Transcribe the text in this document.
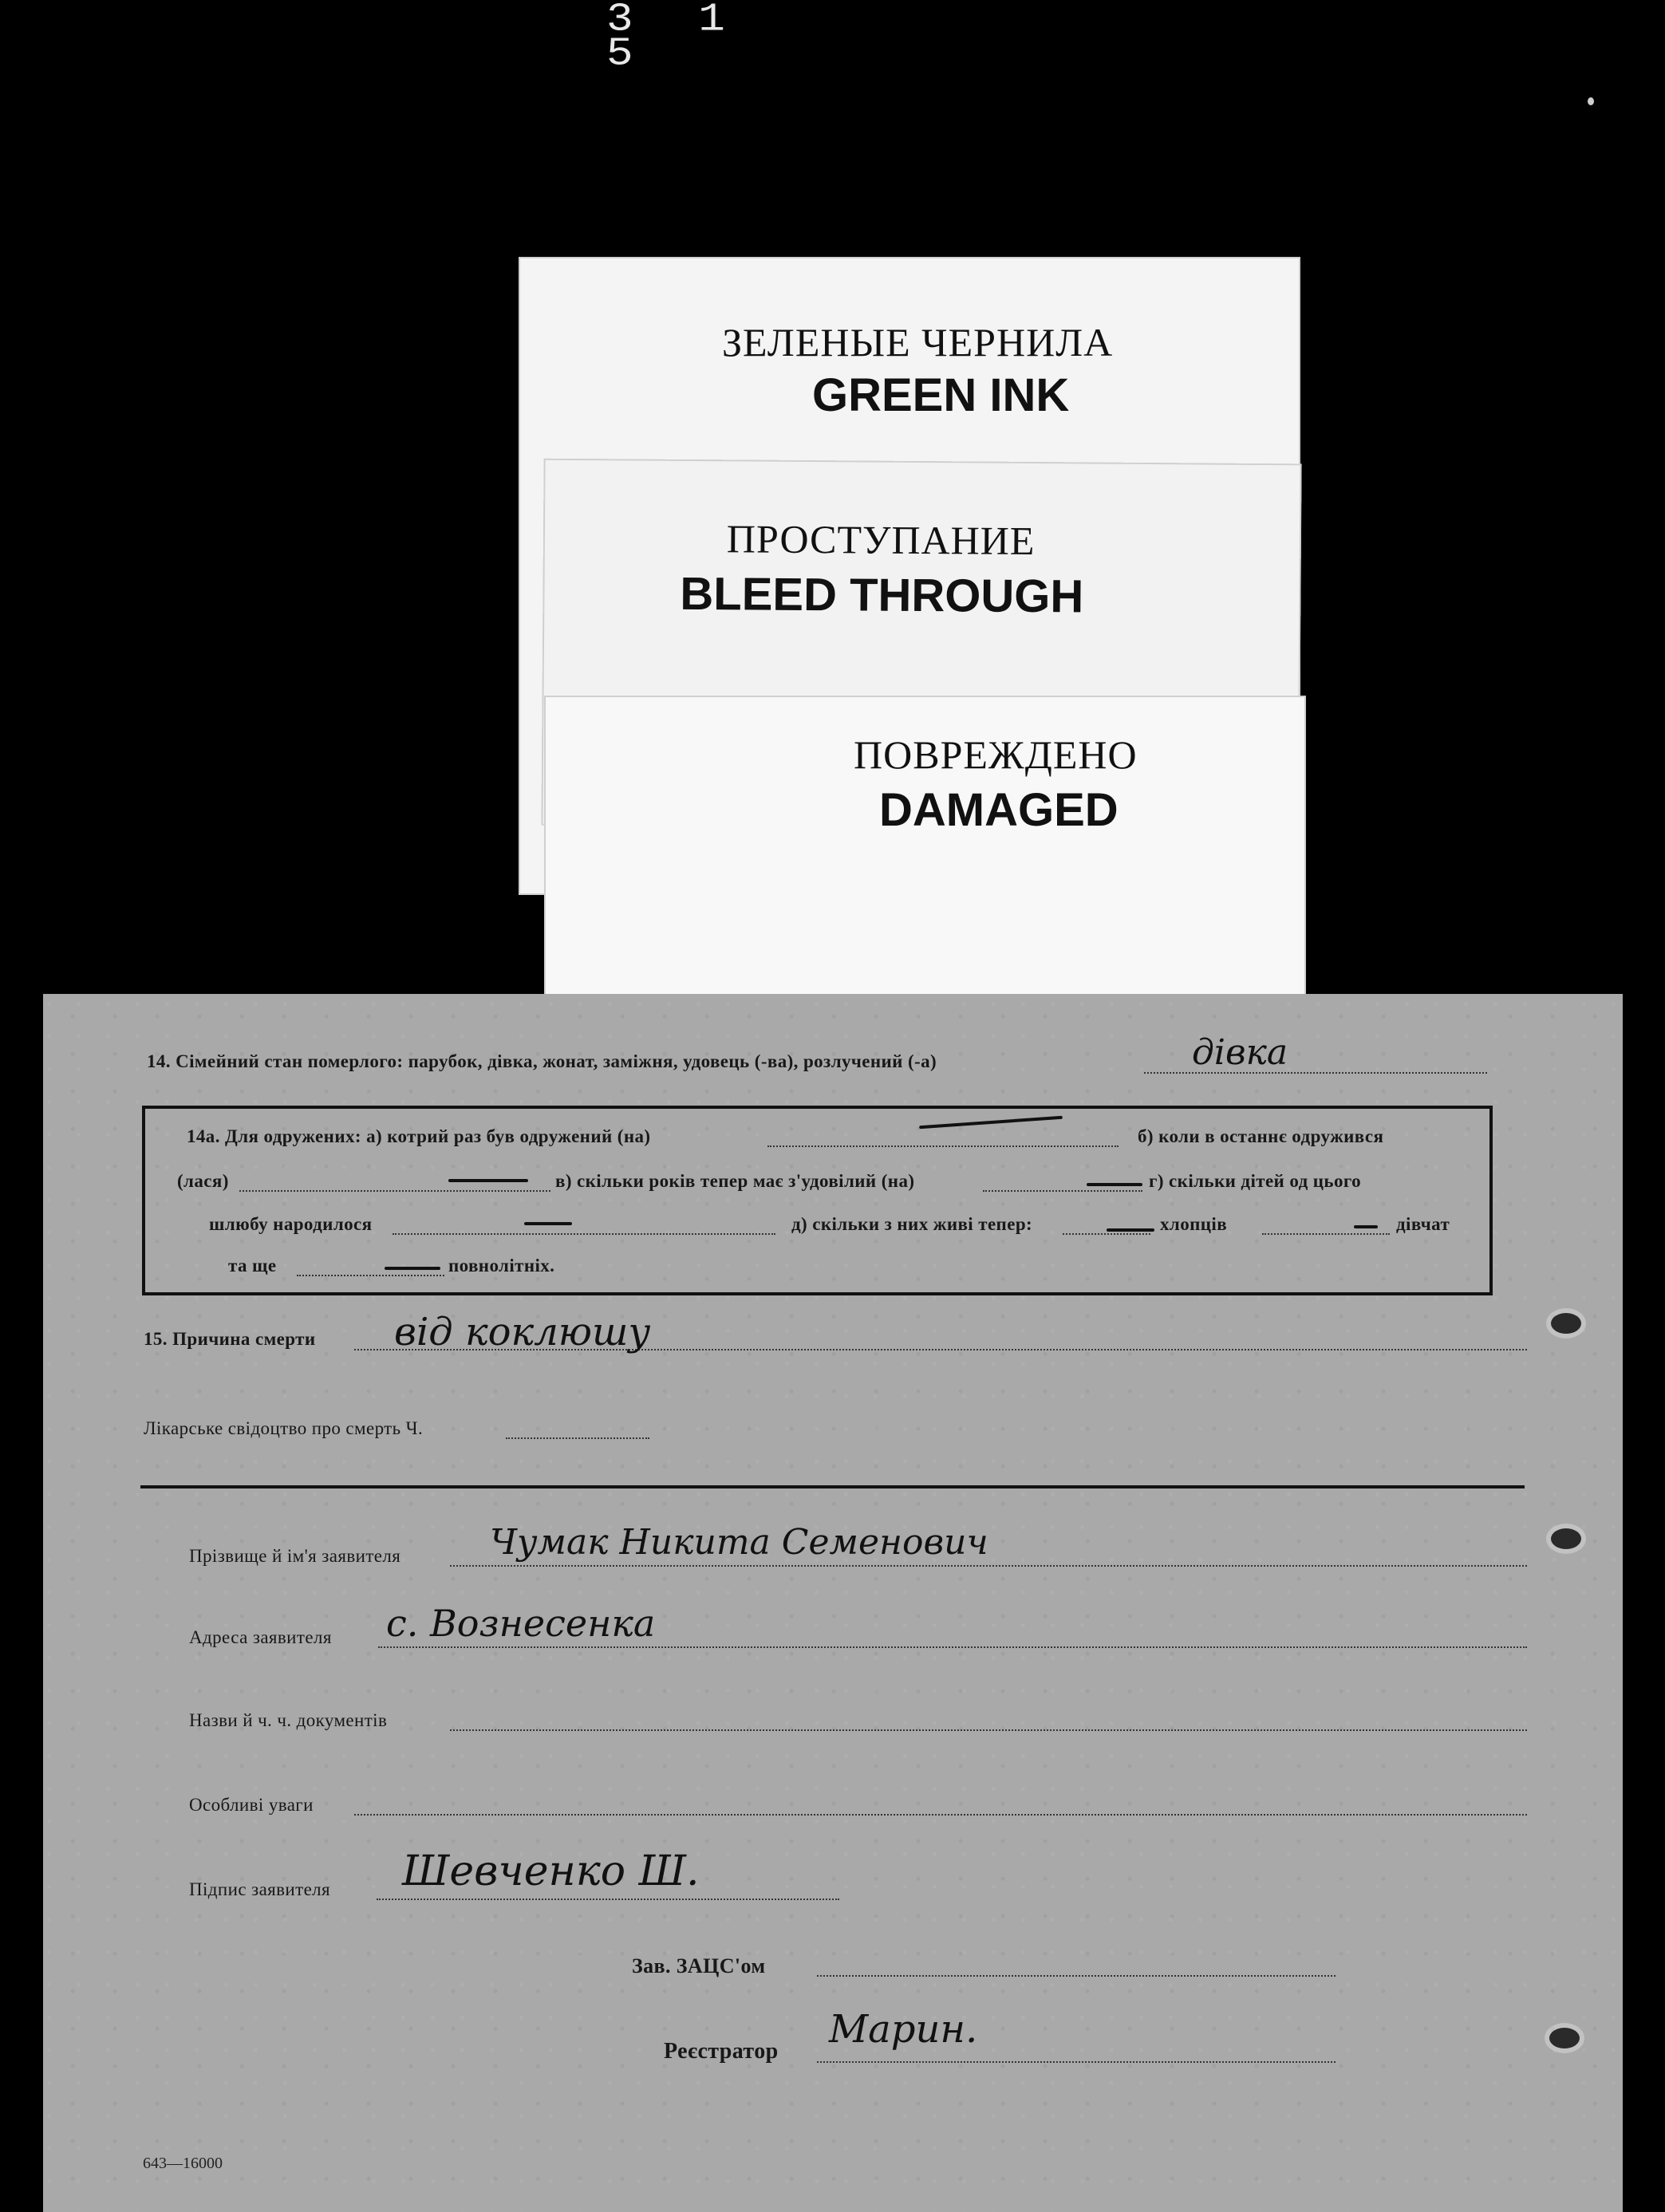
3 1 5
ЗЕЛЕНЫЕ ЧЕРНИЛА
GREEN INK
ПРОСТУПАНИЕ
BLEED THROUGH
ПОВРЕЖДЕНО
DAMAGED
14. Сімейний стан померлого: парубок, дівка, жонат, заміжня, удовець (-ва), розлучений (-а)	дівка
14а. Для одружених: а) котрий раз був одружений (на)	б) коли в останнє одружився
(лася)	в) скільки років тепер має з'удовілий (на)	г) скільки дітей од цього
шлюбу народилося	д) скільки з них живі тепер:	хлопців	дівчат
та ще	повнолітніх.
15. Причина смерти від коклюшу
Лікарське свідоцтво про смерть Ч.
Прізвище й ім'я заявителя	Чумак Никита Семенович
Адреса заявителя с. Вознесенка
Назви й ч. ч. документів
Особливі уваги
Підпис заявителя Шевченко Ш.
Зав. ЗАЦС'ом
Реєстратор Марин.
643—16000
